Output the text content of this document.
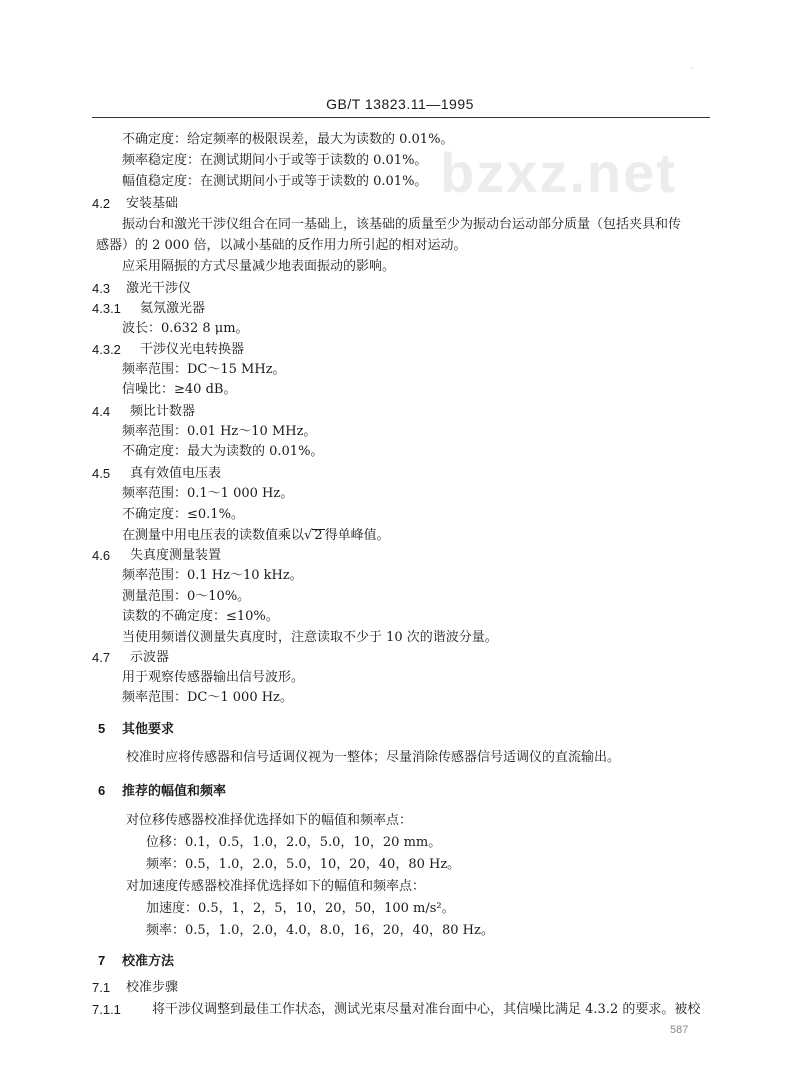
·
GB/T 13823.11—1995
bzxz.net
不确定度：给定频率的极限误差，最大为读数的 0.01%。
频率稳定度：在测试期间小于或等于读数的 0.01%。
幅值稳定度：在测试期间小于或等于读数的 0.01%。
4.2 安装基础
振动台和激光干涉仪组合在同一基础上，该基础的质量至少为振动台运动部分质量（包括夹具和传
感器）的 2 000 倍，以减小基础的反作用力所引起的相对运动。
应采用隔振的方式尽量减少地表面振动的影响。
4.3 激光干涉仪
4.3.1 氦氖激光器
波长：0.632 8 μm。
4.3.2 干涉仪光电转换器
频率范围：DC～15 MHz。
信噪比：≥40 dB。
4.4 频比计数器
频率范围：0.01 Hz～10 MHz。
不确定度：最大为读数的 0.01%。
4.5 真有效值电压表
频率范围：0.1～1 000 Hz。
不确定度：≤0.1%。
在测量中用电压表的读数值乘以√ 2 得单峰值。
4.6 失真度测量装置
频率范围：0.1 Hz～10 kHz。
测量范围：0～10%。
读数的不确定度：≤10%。
当使用频谱仪测量失真度时，注意读取不少于 10 次的谐波分量。
4.7 示波器
用于观察传感器输出信号波形。
频率范围：DC～1 000 Hz。
5 其他要求
校准时应将传感器和信号适调仪视为一整体；尽量消除传感器信号适调仪的直流输出。
6 推荐的幅值和频率
对位移传感器校准择优选择如下的幅值和频率点：
位移：0.1，0.5，1.0，2.0，5.0，10，20 mm。
频率：0.5，1.0，2.0，5.0，10，20，40，80 Hz。
对加速度传感器校准择优选择如下的幅值和频率点：
加速度：0.5，1，2，5，10，20，50，100 m/s²。
频率：0.5，1.0，2.0，4.0，8.0，16，20，40，80 Hz。
7 校准方法
7.1 校准步骤
7.1.1 将干涉仪调整到最佳工作状态，测试光束尽量对准台面中心，其信噪比满足 4.3.2 的要求。被校
587
